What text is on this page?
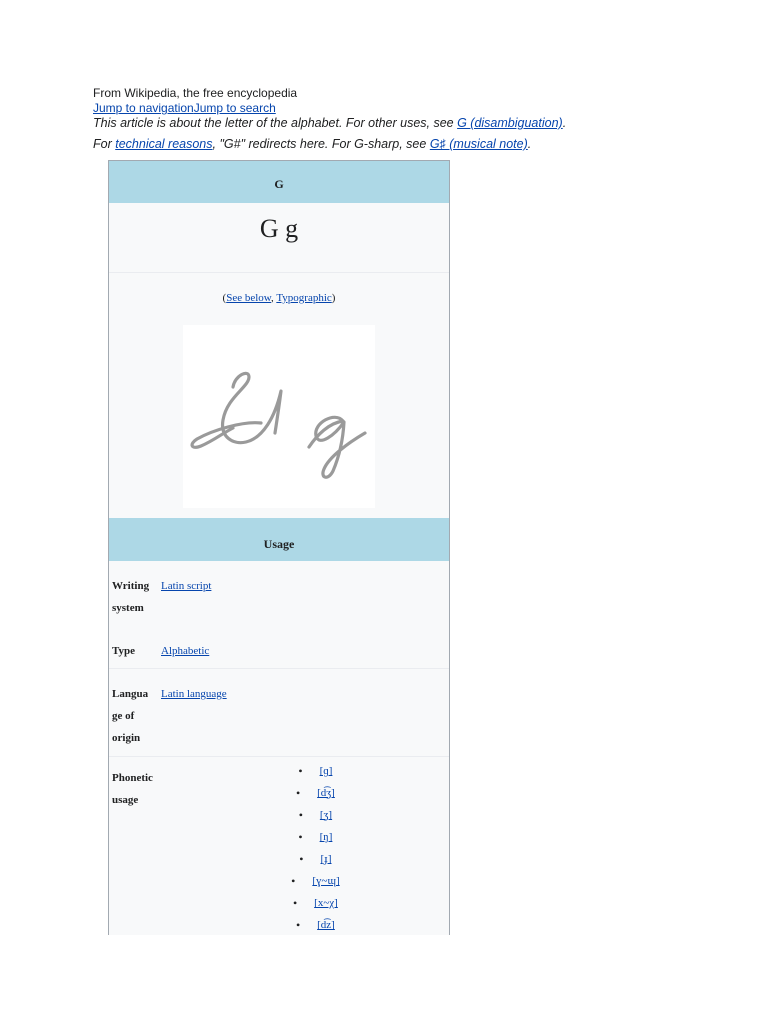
From Wikipedia, the free encyclopedia
Jump to navigationJump to search
This article is about the letter of the alphabet. For other uses, see G (disambiguation).
For technical reasons, "G#" redirects here. For G-sharp, see G♯ (musical note).
G
G g
(See below, Typographic)
Usage
Writing system
Latin script
Type	Alphabetic
Language of origin
Latin language
Phonetic usage
• [ɡ]
• [d͡ʒ]
• [ʒ]
• [ŋ]
• [ɟ]
• [ɣ~ɰ]
• [x~χ]
• [d͡z]
